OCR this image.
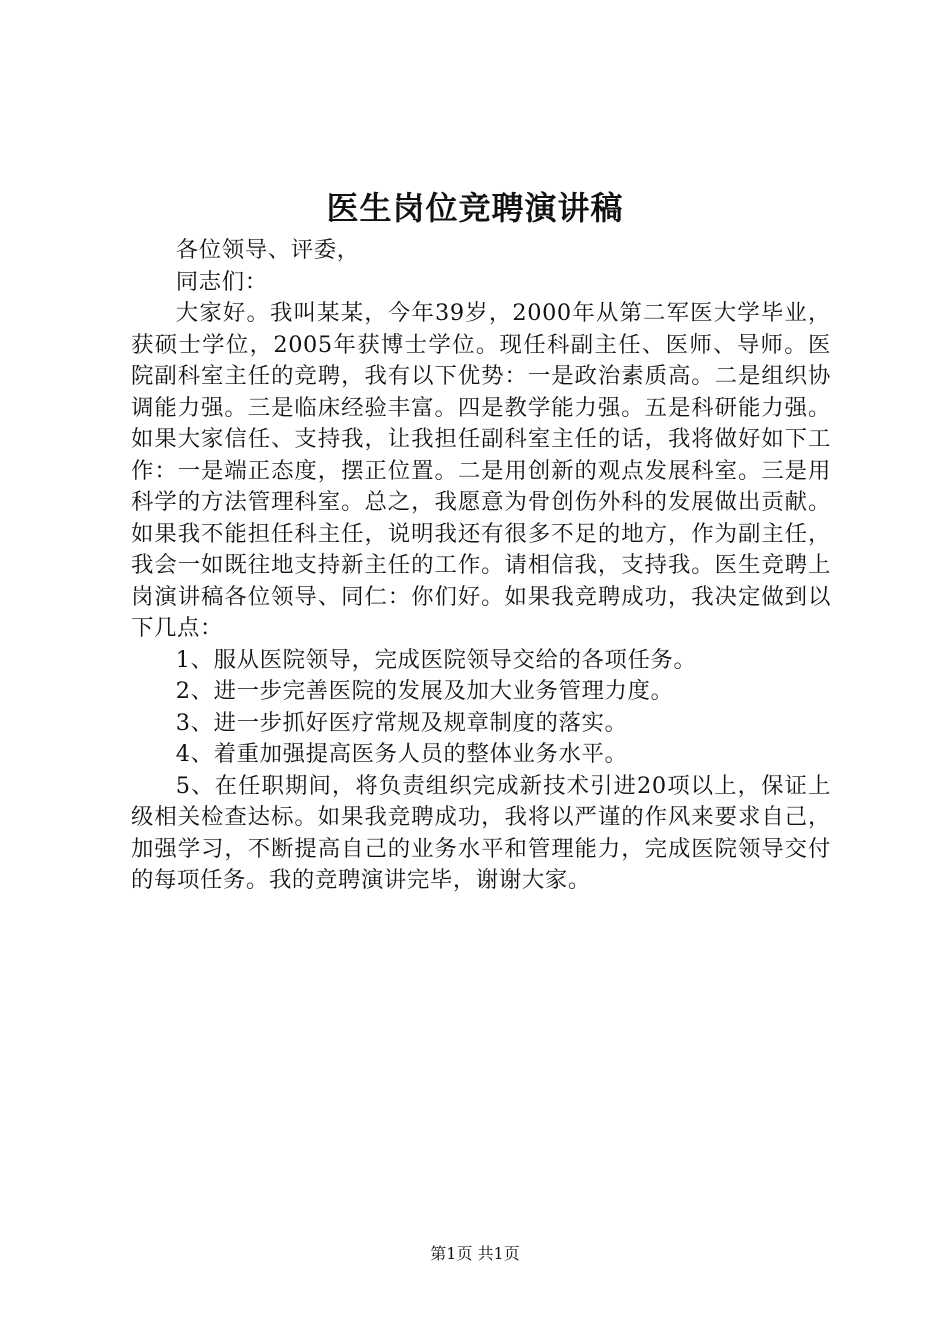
医生岗位竞聘演讲稿

各位领导、评委，

同志们：

大家好。我叫某某，今年39岁，2000年从第二军医大学毕业，获硕士学位，2005年获博士学位。现任科副主任、医师、导师。医院副科室主任的竞聘，我有以下优势：一是政治素质高。二是组织协调能力强。三是临床经验丰富。四是教学能力强。五是科研能力强。如果大家信任、支持我，让我担任副科室主任的话，我将做好如下工作：一是端正态度，摆正位置。二是用创新的观点发展科室。三是用科学的方法管理科室。总之，我愿意为骨创伤外科的发展做出贡献。如果我不能担任科主任，说明我还有很多不足的地方，作为副主任，我会一如既往地支持新主任的工作。请相信我，支持我。医生竞聘上岗演讲稿各位领导、同仁：你们好。如果我竞聘成功，我决定做到以下几点：

1、服从医院领导，完成医院领导交给的各项任务。

2、进一步完善医院的发展及加大业务管理力度。

3、进一步抓好医疗常规及规章制度的落实。

4、着重加强提高医务人员的整体业务水平。

5、在任职期间，将负责组织完成新技术引进20项以上，保证上级相关检查达标。如果我竞聘成功，我将以严谨的作风来要求自己，加强学习，不断提高自己的业务水平和管理能力，完成医院领导交付的每项任务。我的竞聘演讲完毕，谢谢大家。

第1页 共1页
